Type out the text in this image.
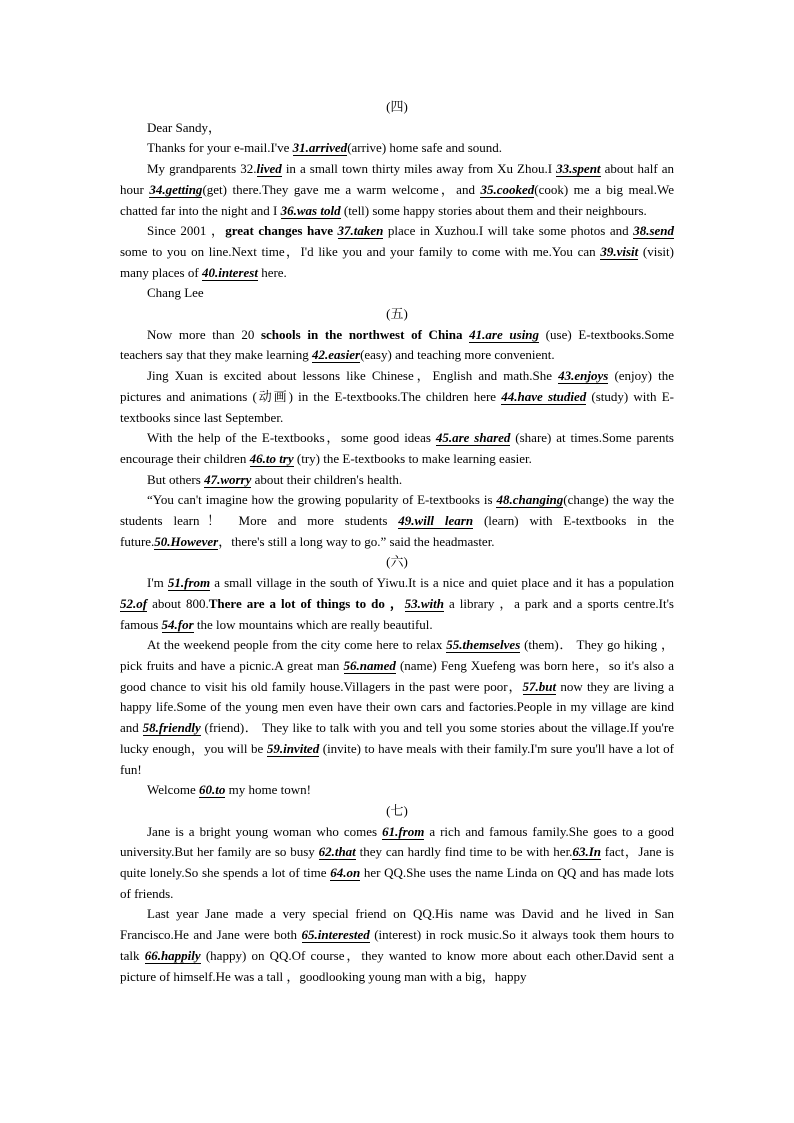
(四)

Dear Sandy，

Thanks for your e-mail.I've 31.arrived(arrive) home safe and sound.

My grandparents 32.lived in a small town thirty miles away from Xu Zhou.I 33.spent about half an hour 34.getting(get) there.They gave me a warm welcome，and 35.cooked(cook) me a big meal.We chatted far into the night and I 36.was told (tell) some happy stories about them and their neighbours.

Since 2001 ，great changes have 37.taken place in Xuzhou.I will take some photos and 38.send some to you on line.Next time，I'd like you and your family to come with me.You can 39.visit (visit) many places of 40.interest here.

Chang Lee

(五)

Now more than 20 schools in the northwest of China 41.are using (use) E-textbooks.Some teachers say that they make learning 42.easier(easy) and teaching more convenient.

Jing Xuan is excited about lessons like Chinese，English and math.She 43.enjoys (enjoy) the pictures and animations (动画) in the E-textbooks.The children here 44.have studied (study) with E-textbooks since last September.

With the help of the E-textbooks，some good ideas 45.are shared (share) at times.Some parents encourage their children 46.to try (try) the E-textbooks to make learning easier.

But others 47.worry about their children's health.

“You can't imagine how the growing popularity of E-textbooks is 48.changing(change) the way the students learn！ More and more students 49.will learn (learn) with E-textbooks in the future.50.However，there's still a long way to go.” said the headmaster.

(六)

I'm 51.from a small village in the south of Yiwu.It is a nice and quiet place and it has a population 52.of about 800.There are a lot of things to do ，53.with a library ，a park and a sports centre.It's famous 54.for the low mountains which are really beautiful.

At the weekend people from the city come here to relax 55.themselves (them)． They go hiking ，pick fruits and have a picnic.A great man 56.named (name) Feng Xuefeng was born here，so it's also a good chance to visit his old family house.Villagers in the past were poor，57.but now they are living a happy life.Some of the young men even have their own cars and factories.People in my village are kind and 58.friendly (friend)． They like to talk with you and tell you some stories about the village.If you're lucky enough，you will be 59.invited (invite) to have meals with their family.I'm sure you'll have a lot of fun!

Welcome 60.to my home town!

(七)

Jane is a bright young woman who comes 61.from a rich and famous family.She goes to a good university.But her family are so busy 62.that they can hardly find time to be with her.63.In fact，Jane is quite lonely.So she spends a lot of time 64.on her QQ.She uses the name Linda on QQ and has made lots of friends.

Last year Jane made a very special friend on QQ.His name was David and he lived in San Francisco.He and Jane were both 65.interested (interest) in rock music.So it always took them hours to talk 66.happily (happy) on QQ.Of course，they wanted to know more about each other.David sent a picture of himself.He was a tall ，goodlooking young man with a big，happy
